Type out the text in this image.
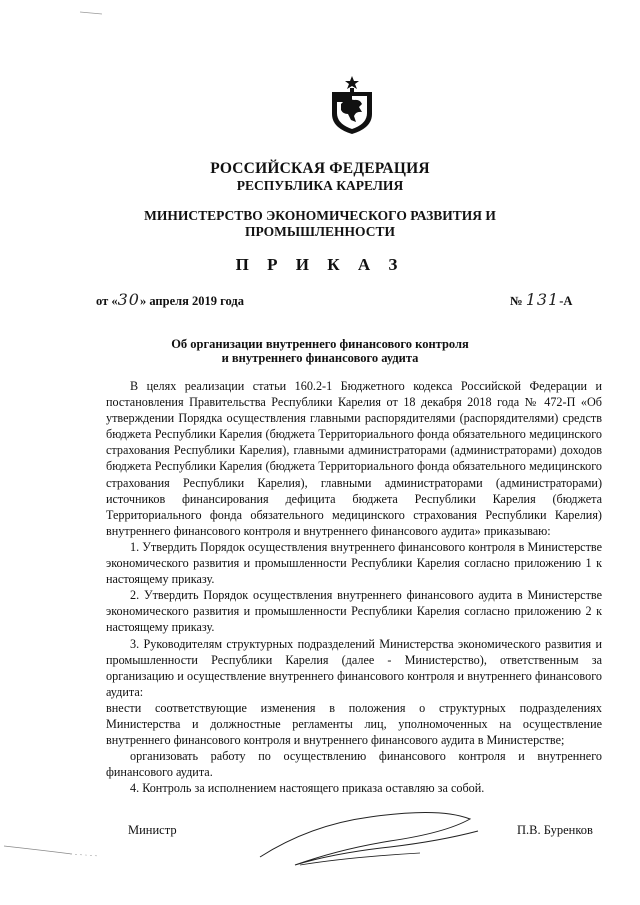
РОССИЙСКАЯ ФЕДЕРАЦИЯ
РЕСПУБЛИКА КАРЕЛИЯ
МИНИСТЕРСТВО ЭКОНОМИЧЕСКОГО РАЗВИТИЯ И
ПРОМЫШЛЕННОСТИ
П Р И К А З
от «30» апреля 2019 года	№ 131-А
Об организации внутреннего финансового контроля
и внутреннего финансового аудита

В целях реализации статьи 160.2-1 Бюджетного кодекса Российской Федерации и постановления Правительства Республики Карелия от 18 декабря 2018 года № 472-П «Об утверждении Порядка осуществления главными распорядителями (распорядителями) средств бюджета Республики Карелия (бюджета Территориального фонда обязательного медицинского страхования Республики Карелия), главными администраторами (администраторами) доходов бюджета Республики Карелия (бюджета Территориального фонда обязательного медицинского страхования Республики Карелия), главными администраторами (администраторами) источников финансирования дефицита бюджета Республики Карелия (бюджета Территориального фонда обязательного медицинского страхования Республики Карелия) внутреннего финансового контроля и внутреннего финансового аудита» приказываю:

1. Утвердить Порядок осуществления внутреннего финансового контроля в Министерстве экономического развития и промышленности Республики Карелия согласно приложению 1 к настоящему приказу.

2. Утвердить Порядок осуществления внутреннего финансового аудита в Министерстве экономического развития и промышленности Республики Карелия согласно приложению 2 к настоящему приказу.

3. Руководителям структурных подразделений Министерства экономического развития и промышленности Республики Карелия (далее - Министерство), ответственным за организацию и осуществление внутреннего финансового контроля и внутреннего финансового аудита:

внести соответствующие изменения в положения о структурных подразделениях Министерства и должностные регламенты лиц, уполномоченных на осуществление внутреннего финансового контроля и внутреннего финансового аудита в Министерстве;

организовать работу по осуществлению финансового контроля и внутреннего финансового аудита.

4. Контроль за исполнением настоящего приказа оставляю за собой.

Министр	П.В. Буренков
